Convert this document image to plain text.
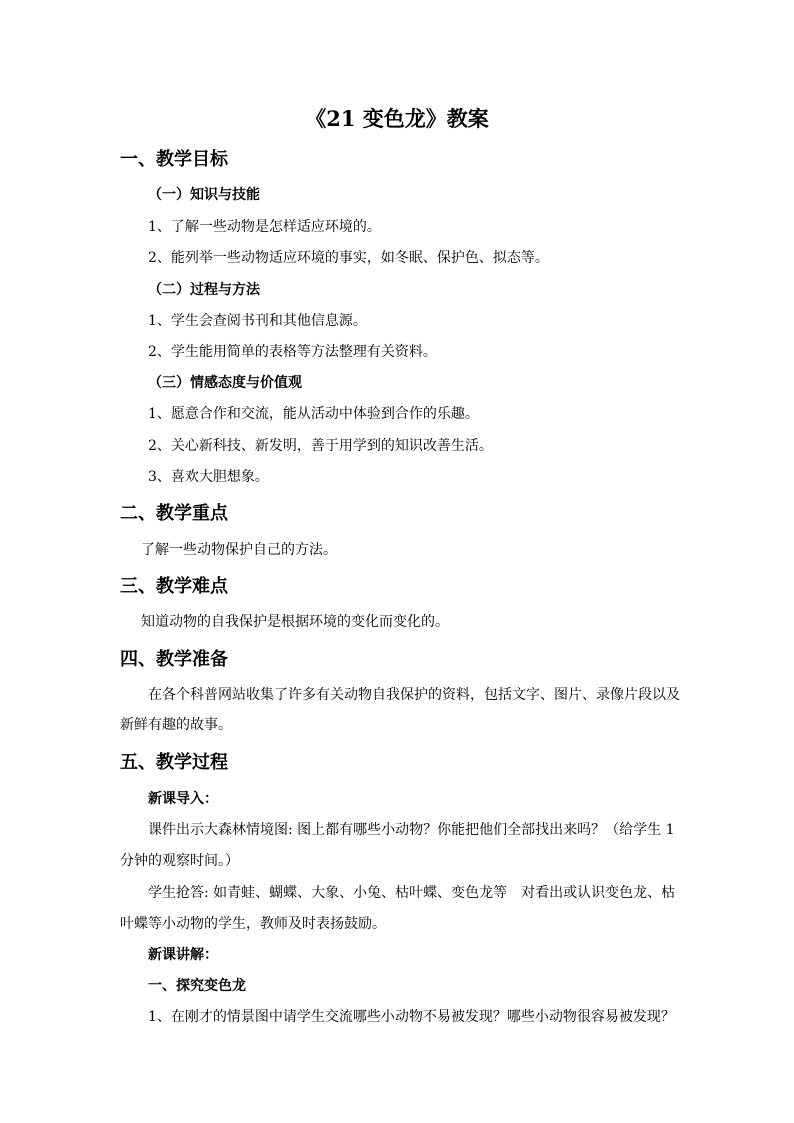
《21 变色龙》教案
一、教学目标
（一）知识与技能
1、了解一些动物是怎样适应环境的。
2、能列举一些动物适应环境的事实，如冬眠、保护色、拟态等。
（二）过程与方法
1、学生会查阅书刊和其他信息源。
2、学生能用简单的表格等方法整理有关资料。
（三）情感态度与价值观
1、愿意合作和交流，能从活动中体验到合作的乐趣。
2、关心新科技、新发明，善于用学到的知识改善生活。
3、喜欢大胆想象。
二、教学重点
了解一些动物保护自己的方法。
三、教学难点
知道动物的自我保护是根据环境的变化而变化的。
四、教学准备
在各个科普网站收集了许多有关动物自我保护的资料，包括文字、图片、录像片段以及
新鲜有趣的故事。
五、教学过程
新课导入：
课件出示大森林情境图: 图上都有哪些小动物？你能把他们全部找出来吗？（给学生 1
分钟的观察时间。）
学生抢答: 如青蛙、蝴蝶、大象、小兔、枯叶蝶、变色龙等　对看出或认识变色龙、枯
叶蝶等小动物的学生，教师及时表扬鼓励。
新课讲解：
一、探究变色龙
1、在刚才的情景图中请学生交流哪些小动物不易被发现？哪些小动物很容易被发现？
